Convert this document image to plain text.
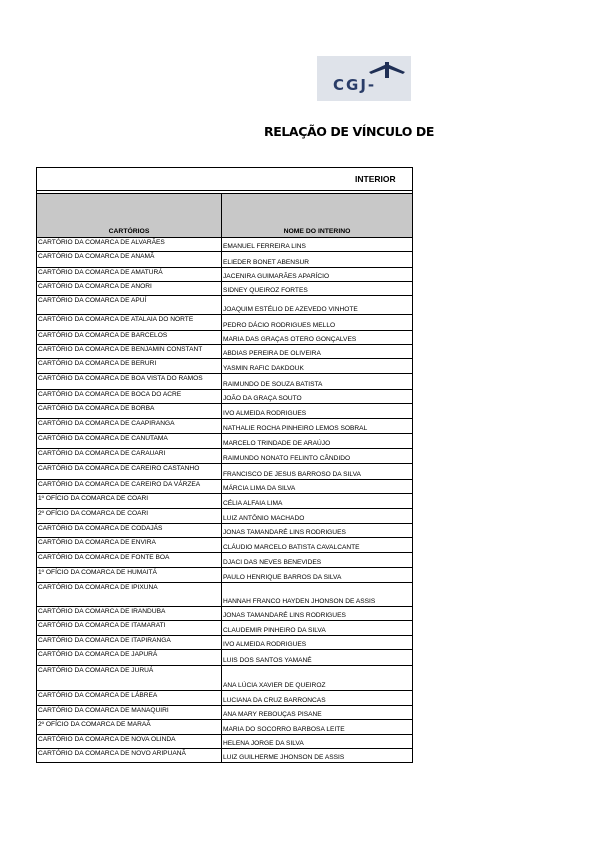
CGJ-
RELAÇÃO DE VÍNCULO DE
INTERIOR
CARTÓRIOS	NOME DO INTERINO
CARTÓRIO DA COMARCA DE ALVARÃES
EMANUEL FERREIRA LINS
CARTÓRIO DA COMARCA DE ANAMÃ
ELIEDER BONET ABENSUR
CARTÓRIO DA COMARCA DE AMATURÁ
JACENIRA GUIMARÃES APARÍCIO
CARTÓRIO DA COMARCA DE ANORI
SIDNEY QUEIROZ FORTES
CARTÓRIO DA COMARCA DE APUÍ
JOAQUIM ESTÉLIO DE AZEVEDO VINHOTE
CARTÓRIO DA COMARCA DE ATALAIA DO NORTE
PEDRO DÁCIO RODRIGUES MELLO
CARTÓRIO DA COMARCA DE BARCELOS
MARIA DAS GRAÇAS OTERO GONÇALVES
CARTÓRIO DA COMARCA DE BENJAMIN CONSTANT
ABDIAS PEREIRA DE OLIVEIRA
CARTÓRIO DA COMARCA DE BERURI
YASMIN RAFIC DAKDOUK
CARTÓRIO DA COMARCA DE BOA VISTA DO RAMOS
RAIMUNDO DE SOUZA BATISTA
CARTÓRIO DA COMARCA DE BOCA DO ACRE
JOÃO DA GRAÇA SOUTO
CARTÓRIO DA COMARCA DE BORBA
IVO ALMEIDA RODRIGUES
CARTÓRIO DA COMARCA DE CAAPIRANGA
NATHALIE ROCHA PINHEIRO LEMOS SOBRAL
CARTÓRIO DA COMARCA DE CANUTAMA
MARCELO TRINDADE DE ARAÚJO
CARTÓRIO DA COMARCA DE CARAUARI
RAIMUNDO NONATO FELINTO CÂNDIDO
CARTÓRIO DA COMARCA DE CAREIRO CASTANHO
FRANCISCO DE JESUS BARROSO DA SILVA
CARTÓRIO DA COMARCA DE CAREIRO DA VÁRZEA
MÁRCIA LIMA DA SILVA
1º OFÍCIO DA COMARCA DE COARI
CÉLIA ALFAIA LIMA
2º OFÍCIO DA COMARCA DE COARI
LUIZ ANTÔNIO MACHADO
CARTÓRIO DA COMARCA DE CODAJÁS
JONAS TAMANDARÉ LINS RODRIGUES
CARTÓRIO DA COMARCA DE ENVIRA
CLÁUDIO MARCELO BATISTA CAVALCANTE
CARTÓRIO DA COMARCA DE FONTE BOA
DJACI DAS NEVES BENEVIDES
1º OFÍCIO DA COMARCA DE HUMAITÁ
PAULO HENRIQUE BARROS DA SILVA
CARTÓRIO DA COMARCA DE IPIXUNA
HANNAH FRANCO HAYDEN JHONSON DE ASSIS
CARTÓRIO DA COMARCA DE IRANDUBA
JONAS TAMANDARÉ LINS RODRIGUES
CARTÓRIO DA COMARCA DE ITAMARATI
CLAUDEMIR PINHEIRO DA SILVA
CARTÓRIO DA COMARCA DE ITAPIRANGA
IVO ALMEIDA RODRIGUES
CARTÓRIO DA COMARCA DE JAPURÁ
LUIS DOS SANTOS YAMANÉ
CARTÓRIO DA COMARCA DE JURUÁ
ANA LÚCIA XAVIER DE QUEIROZ
CARTÓRIO DA COMARCA DE LÁBREA
LUCIANA DA CRUZ BARRONCAS
CARTÓRIO DA COMARCA DE MANAQUIRI
ANA MARY REBOUÇAS PISANE
2º OFÍCIO DA COMARCA DE MARAÃ
MARIA DO SOCORRO BARBOSA LEITE
CARTÓRIO DA COMARCA DE NOVA OLINDA
HELENA JORGE DA SILVA
CARTÓRIO DA COMARCA DE NOVO ARIPUANÃ
LUIZ GUILHERME JHONSON DE ASSIS
